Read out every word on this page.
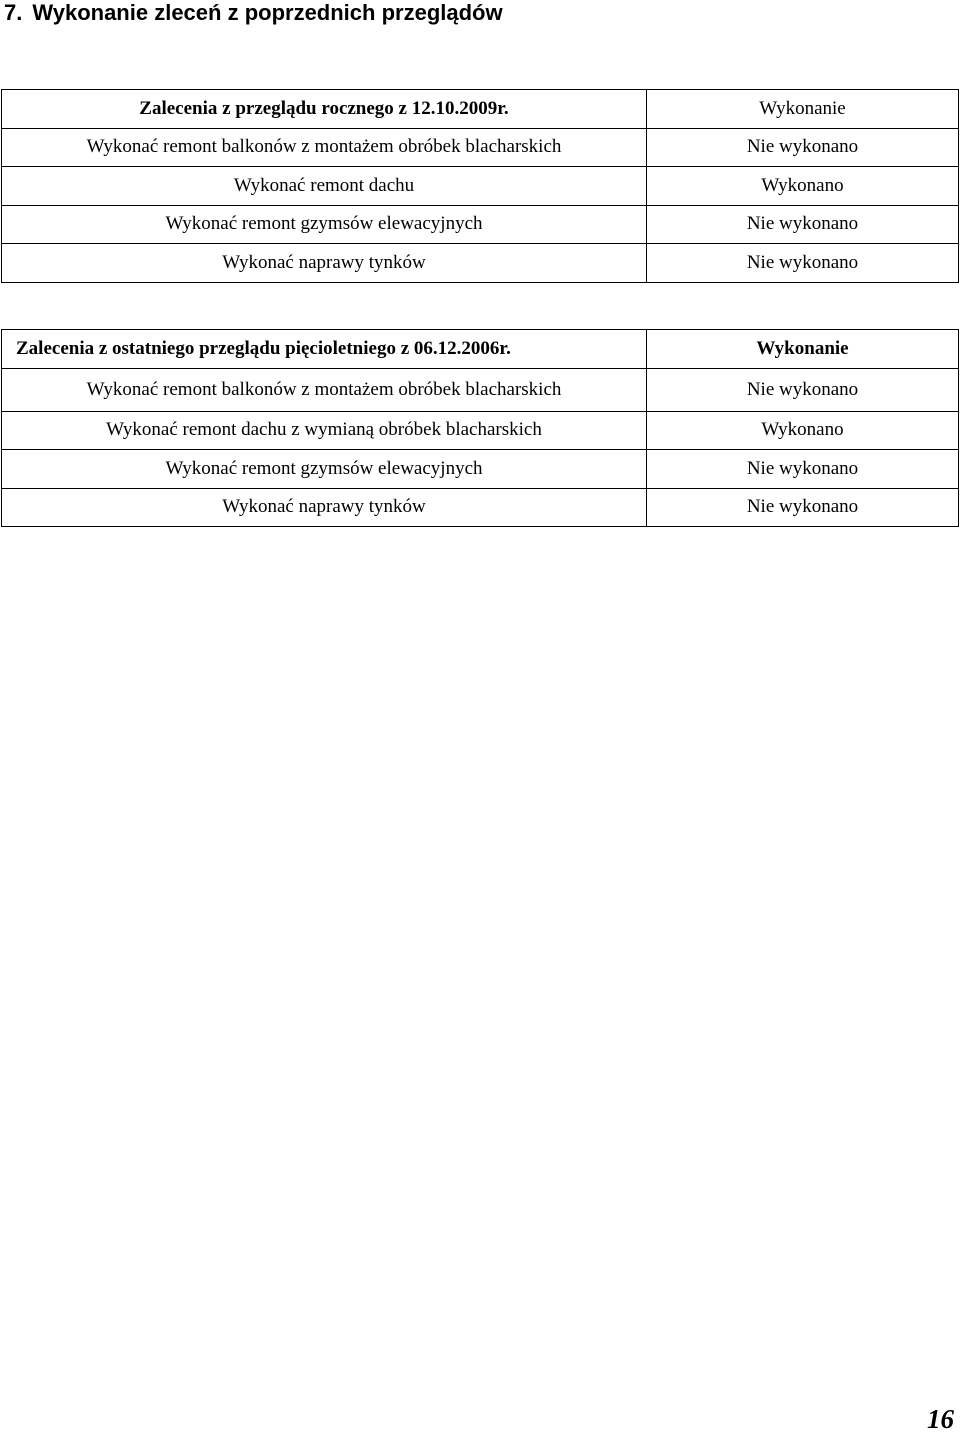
7. Wykonanie zleceń z poprzednich przeglądów
Zalecenia z przeglądu rocznego z 12.10.2009r.	Wykonanie
Wykonać remont balkonów z montażem obróbek blacharskich	Nie wykonano
Wykonać remont dachu	Wykonano
Wykonać remont gzymsów elewacyjnych	Nie wykonano
Wykonać naprawy tynków	Nie wykonano
Zalecenia z ostatniego przeglądu pięcioletniego z 06.12.2006r.	Wykonanie
Wykonać remont balkonów z montażem obróbek blacharskich	Nie wykonano
Wykonać remont dachu z wymianą obróbek blacharskich	Wykonano
Wykonać remont gzymsów elewacyjnych	Nie wykonano
Wykonać naprawy tynków	Nie wykonano
16
